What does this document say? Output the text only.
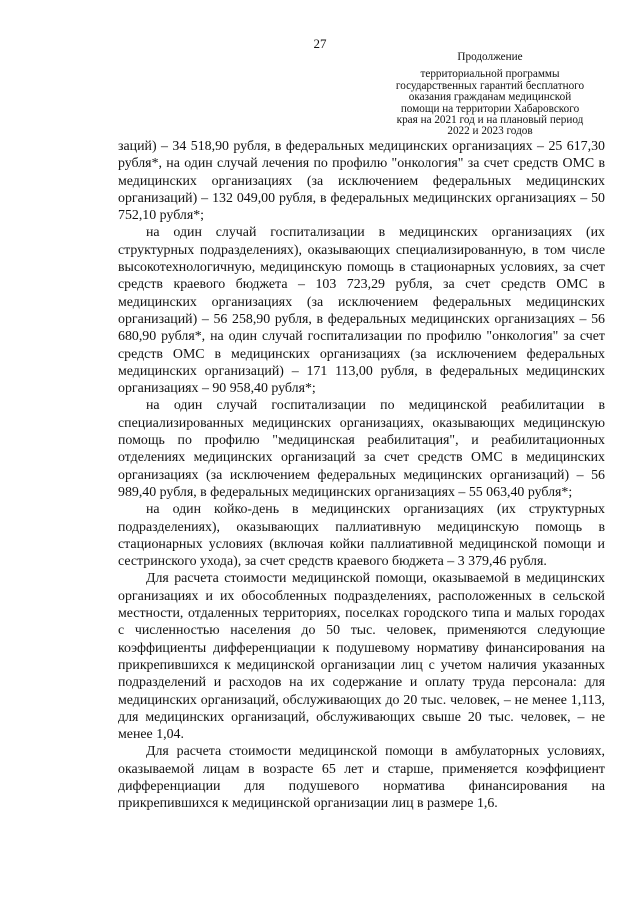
27
Продолжение
территориальной программы
государственных гарантий бесплатного
оказания гражданам медицинской
помощи на территории Хабаровского
края на 2021 год и на плановый период
2022 и 2023 годов

заций) – 34 518,90 рубля, в федеральных медицинских организациях – 25 617,30 рубля*, на один случай лечения по профилю "онкология" за счет средств ОМС в медицинских организациях (за исключением федеральных медицинских организаций) – 132 049,00 рубля, в федеральных медицинских организациях – 50 752,10 рубля*;

на один случай госпитализации в медицинских организациях (их структурных подразделениях), оказывающих специализированную, в том числе высокотехнологичную, медицинскую помощь в стационарных условиях, за счет средств краевого бюджета – 103 723,29 рубля, за счет средств ОМС в медицинских организациях (за исключением федеральных медицинских организаций) – 56 258,90 рубля, в федеральных медицинских организациях – 56 680,90 рубля*, на один случай госпитализации по профилю "онкология" за счет средств ОМС в медицинских организациях (за исключением федеральных медицинских организаций) – 171 113,00 рубля, в федеральных медицинских организациях – 90 958,40 рубля*;

на один случай госпитализации по медицинской реабилитации в специализированных медицинских организациях, оказывающих медицинскую помощь по профилю "медицинская реабилитация", и реабилитационных отделениях медицинских организаций за счет средств ОМС в медицинских организациях (за исключением федеральных медицинских организаций) – 56 989,40 рубля, в федеральных медицинских организациях – 55 063,40 рубля*;

на один койко-день в медицинских организациях (их структурных подразделениях), оказывающих паллиативную медицинскую помощь в стационарных условиях (включая койки паллиативной медицинской помощи и сестринского ухода), за счет средств краевого бюджета – 3 379,46 рубля.

Для расчета стоимости медицинской помощи, оказываемой в медицинских организациях и их обособленных подразделениях, расположенных в сельской местности, отдаленных территориях, поселках городского типа и малых городах с численностью населения до 50 тыс. человек, применяются следующие коэффициенты дифференциации к подушевому нормативу финансирования на прикрепившихся к медицинской организации лиц с учетом наличия указанных подразделений и расходов на их содержание и оплату труда персонала: для медицинских организаций, обслуживающих до 20 тыс. человек, – не менее 1,113, для медицинских организаций, обслуживающих свыше 20 тыс. человек, – не менее 1,04.

Для расчета стоимости медицинской помощи в амбулаторных условиях, оказываемой лицам в возрасте 65 лет и старше, применяется коэффициент дифференциации для подушевого норматива финансирования на прикрепившихся к медицинской организации лиц в размере 1,6.
